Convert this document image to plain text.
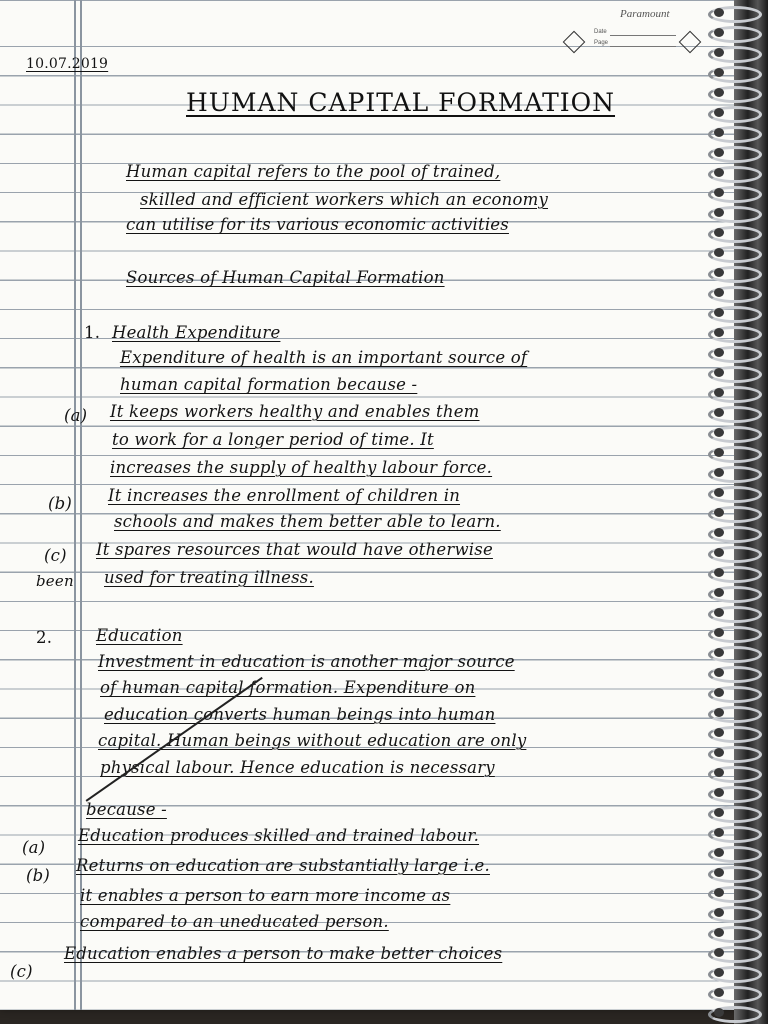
Paramount
Date
Page
10.07.2019
HUMAN CAPITAL FORMATION
Human capital refers to the pool of trained,
skilled and efficient workers which an economy
can utilise for its various economic activities
Sources of Human Capital Formation
1. Health Expenditure
Expenditure of health is an important source of
human capital formation because -
(a) It keeps workers healthy and enables them
to work for a longer period of time. It
increases the supply of healthy labour force.
(b) It increases the enrollment of children in
schools and makes them better able to learn.
(c) It spares resources that would have otherwise
been used for treating illness.
2.	Education
Investment in education is another major source
of human capital formation. Expenditure on
education converts human beings into human
capital. Human beings without education are only
physical labour. Hence education is necessary
because -
(a)
Education produces skilled and trained labour.
(b)
Returns on education are substantially large i.e.
it enables a person to earn more income as
compared to an uneducated person.
(c)
Education enables a person to make better choices
